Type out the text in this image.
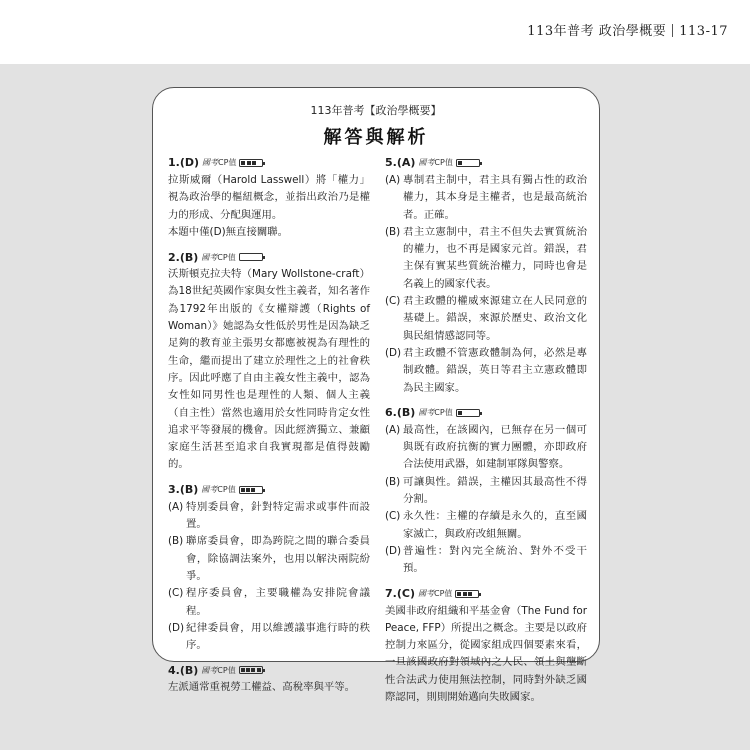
113年普考 政治學概要 113-17
113年普考【政治學概要】
解答與解析
1. ( D ) 國考CP值
拉斯威爾（Harold Lasswell）將「權力」視為政治學的樞紐概念，並指出政治乃是權力的形成、分配與運用。
本題中僅(D)無直接關聯。
2. ( B ) 國考CP值
沃斯頓克拉夫特（Mary Wollstone-craft）為18世紀英國作家與女性主義者，知名著作為1792年出版的《女權辯護（Rights of Woman）》她認為女性低於男性是因為缺乏足夠的教育並主張男女都應被視為有理性的生命，繼而提出了建立於理性之上的社會秩序。因此呼應了自由主義女性主義中，認為女性如同男性也是理性的人類、個人主義（自主性）當然也適用於女性同時肯定女性追求平等發展的機會。因此經濟獨立、兼顧家庭生活甚至追求自我實現都是值得鼓勵的。
3. ( B ) 國考CP值
(A) 特別委員會，針對特定需求或事件而設置。
(B) 聯席委員會，即為跨院之間的聯合委員會，除協調法案外，也用以解決兩院紛爭。
(C) 程序委員會，主要職權為安排院會議程。
(D) 紀律委員會，用以維護議事進行時的秩序。
4. ( B ) 國考CP值
左派通常重視勞工權益、高稅率與平等。
5. ( A ) 國考CP值
(A) 專制君主制中，君主具有獨占性的政治權力，其本身是主權者，也是最高統治者。正確。
(B) 君主立憲制中，君主不但失去實質統治的權力，也不再是國家元首。錯誤，君主保有實某些質統治權力，同時也會是名義上的國家代表。
(C) 君主政體的權威來源建立在人民同意的基礎上。錯誤，來源於歷史、政治文化與民組情感認同等。
(D) 君主政體不管憲政體制為何，必然是專制政體。錯誤，英日等君主立憲政體即為民主國家。
6. ( B ) 國考CP值
(A) 最高性，在該國內，已無存在另一個可與既有政府抗衡的實力團體，亦即政府合法使用武器，如建制軍隊與警察。
(B) 可讓與性。錯誤，主權因其最高性不得分割。
(C) 永久性：主權的存續是永久的，直至國家滅亡，與政府改組無關。
(D) 普遍性：對內完全統治、對外不受干預。
7. ( C ) 國考CP值
美國非政府組織和平基金會（The Fund for Peace, FFP）所提出之概念。主要是以政府控制力來區分，從國家組成四個要素來看，一旦該國政府對領域內之人民、領土與壟斷性合法武力使用無法控制，同時對外缺乏國際認同，則則開始邁向失敗國家。
